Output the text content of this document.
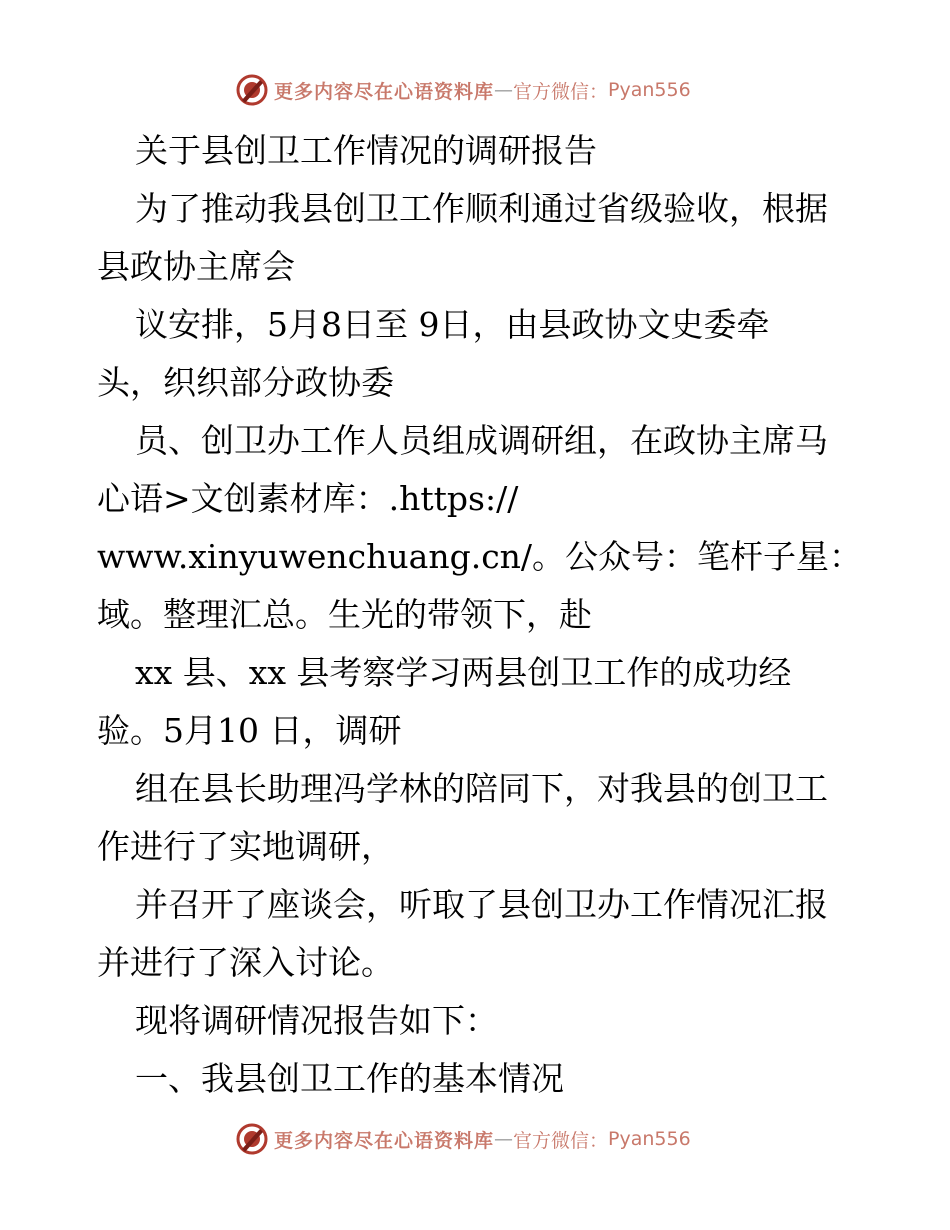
更多内容尽在心语资料库 — 官方微信： Pyan556
关于县创卫工作情况的调研报告
为了推动我县创卫工作顺利通过省级验收，根据
县政协主席会
议安排，5月8日至 9日，由县政协文史委牵
头，织织部分政协委
员、创卫办工作人员组成调研组，在政协主席马
心语>文创素材库：.https://
www.xinyuwenchuang.cn/。公众号：笔杆子星：
域。整理汇总。生光的带领下，赴
xx 县、xx 县考察学习两县创卫工作的成功经
验。5月10 日，调研
组在县长助理冯学林的陪同下，对我县的创卫工
作进行了实地调研，
并召开了座谈会，听取了县创卫办工作情况汇报
并进行了深入讨论。
现将调研情况报告如下：
一、我县创卫工作的基本情况
更多内容尽在心语资料库 — 官方微信： Pyan556
